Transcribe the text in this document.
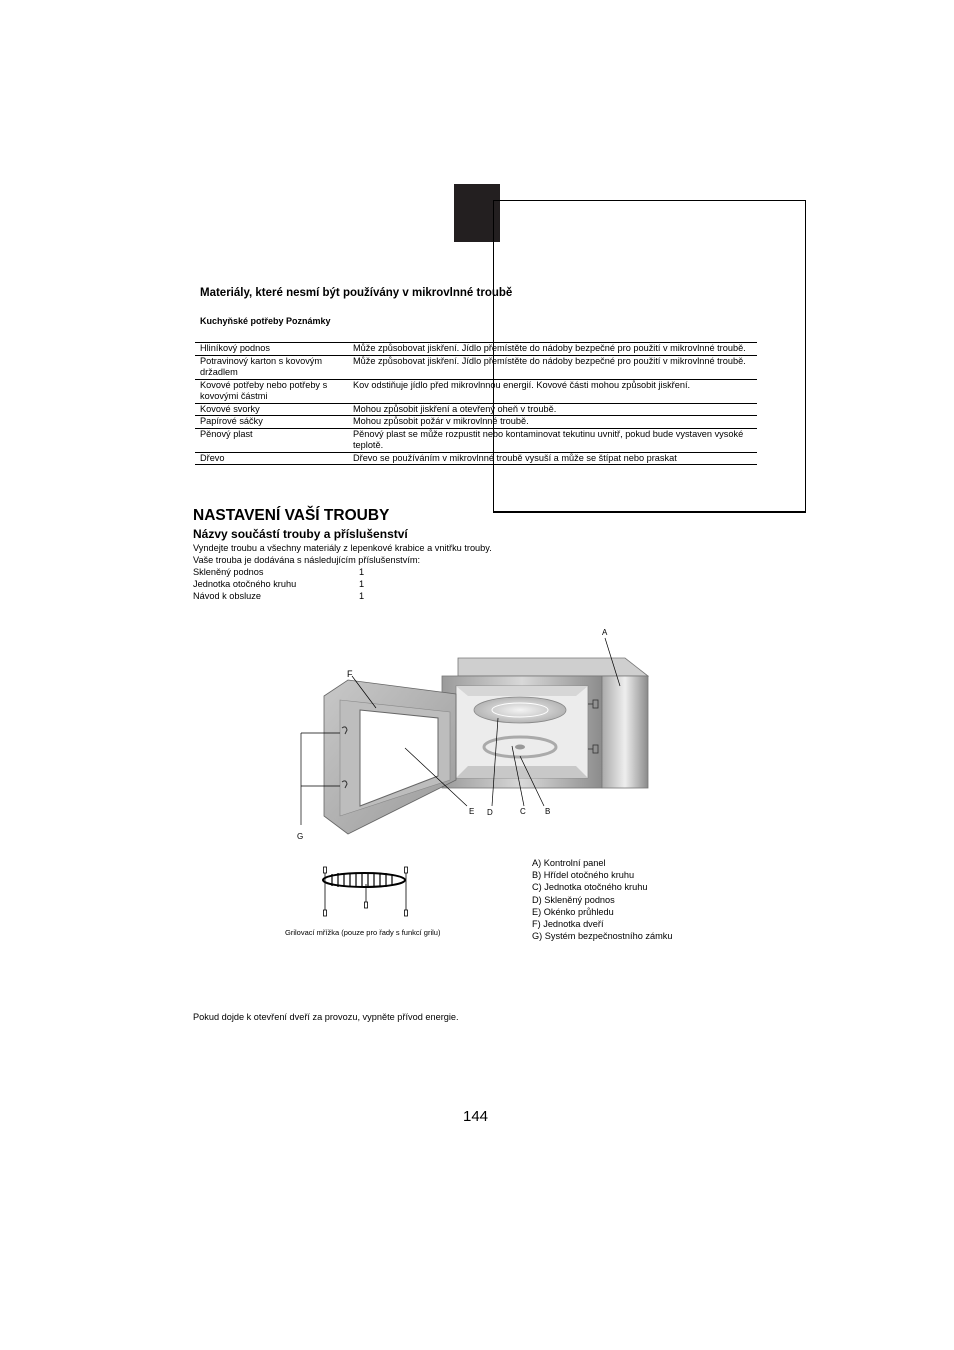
Materiály, které nesmí být používány v mikrovlnné troubě
Kuchyňské potřeby Poznámky
Hliníkový podnos	Může způsobovat jiskření. Jídlo přemístěte do nádoby bezpečné pro použití v mikrovlnné troubě.
Potravinový karton s kovovým držadlem	Může způsobovat jiskření. Jídlo přemístěte do nádoby bezpečné pro použití v mikrovlnné troubě.
Kovové potřeby nebo potřeby s kovovými částmi	Kov odstiňuje jídlo před mikrovlnnou energií. Kovové části mohou způsobit jiskření.
Kovové svorky	Mohou způsobit jiskření a otevřený oheň v troubě.
Papírové sáčky	Mohou způsobit požár v mikrovlnné troubě.
Pěnový plast	Pěnový plast se může rozpustit nebo kontaminovat tekutinu uvnitř, pokud bude vystaven vysoké teplotě.
Dřevo	Dřevo se používáním v mikrovlnné troubě vysuší a může se štípat nebo praskat
NASTAVENÍ VAŠÍ TROUBY
Názvy součástí trouby a příslušenství
Vyndejte troubu a všechny materiály z lepenkové krabice a vnitřku trouby.
Vaše trouba je dodávána s následujícím příslušenstvím:
Skleněný podnos	1
Jednotka otočného kruhu	1
Návod k obsluze	1
A
F
E D	C B
G
A) Kontrolní panel
B) Hřídel otočného kruhu
C) Jednotka otočného kruhu
D) Skleněný podnos
E) Okénko průhledu
F) Jednotka dveří
G) Systém bezpečnostního zámku
Grilovací mřížka (pouze pro řady s funkcí grilu)
Pokud dojde k otevření dveří za provozu, vypněte přívod energie.
144
